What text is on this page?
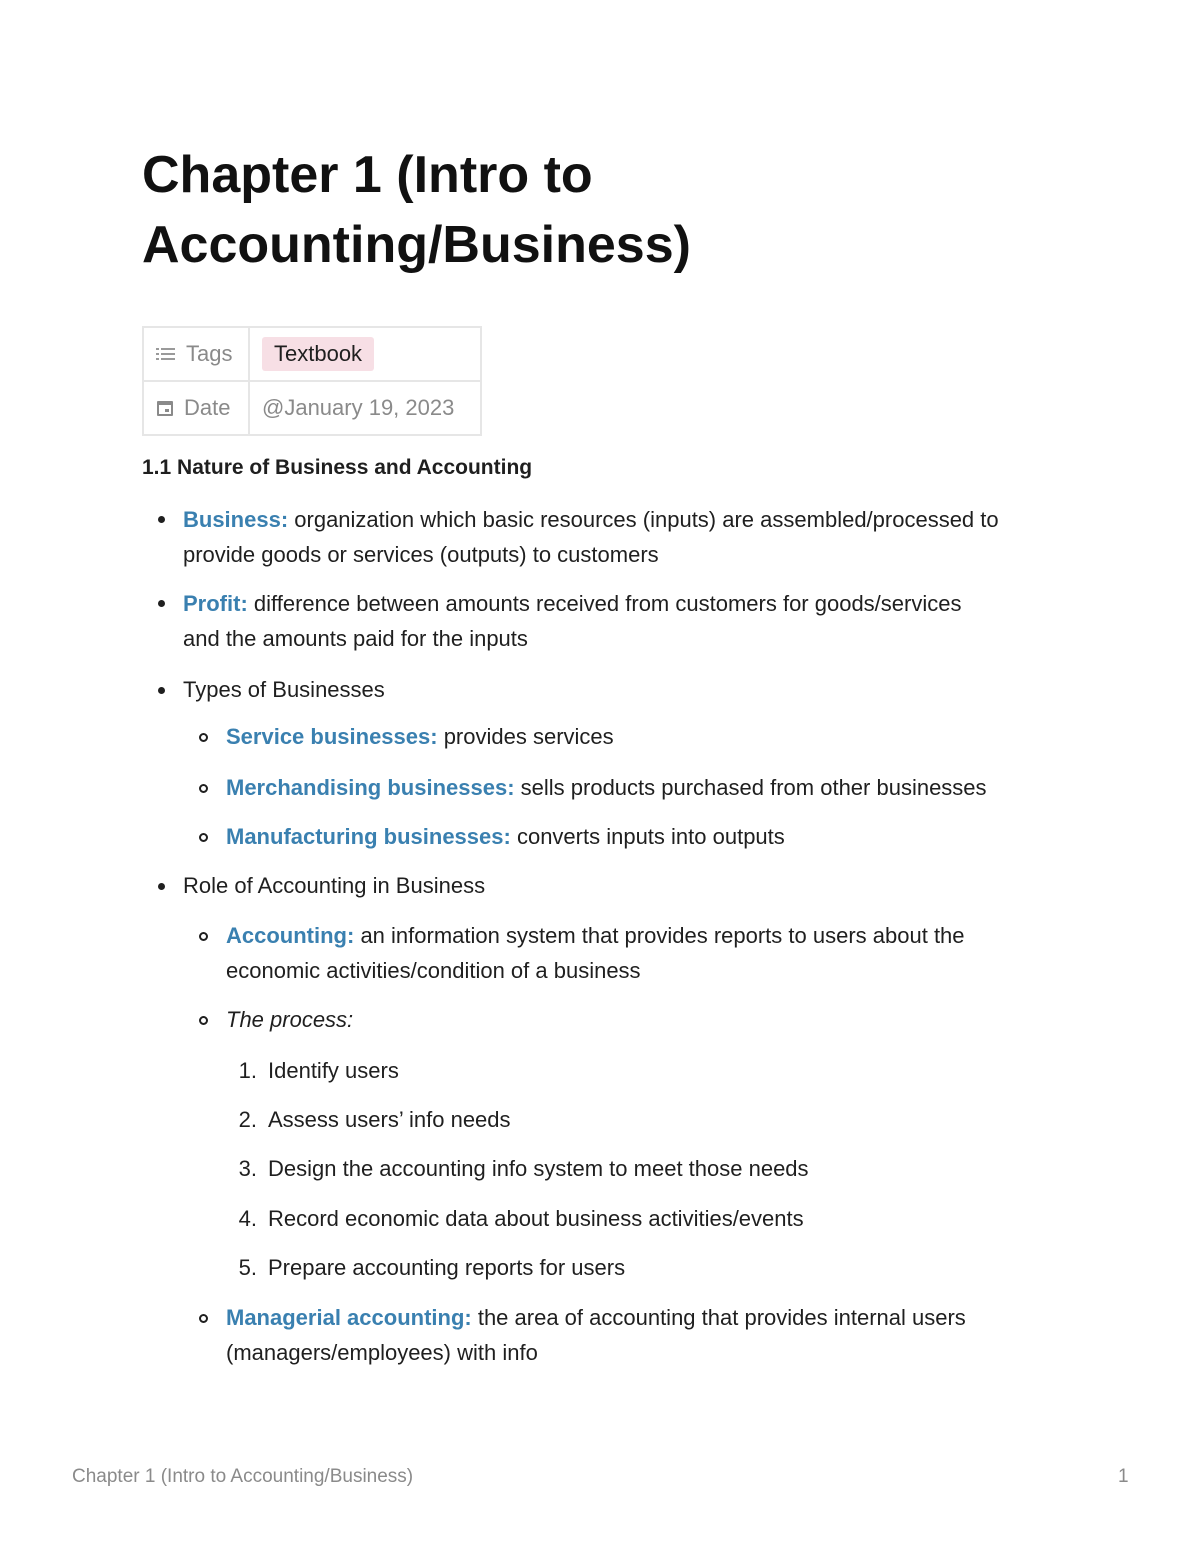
Chapter 1 (Intro to Accounting/Business)
Tags	Textbook

Date	@January 19, 2023
1.1 Nature of Business and Accounting
Business: organization which basic resources (inputs) are assembled/processed to
provide goods or services (outputs) to customers
Profit: difference between amounts received from customers for goods/services
and the amounts paid for the inputs
Types of Businesses
Service businesses: provides services
Merchandising businesses: sells products purchased from other businesses
Manufacturing businesses: converts inputs into outputs
Role of Accounting in Business
Accounting: an information system that provides reports to users about the
economic activities/condition of a business
The process:
1. Identify users
2. Assess users’ info needs
3. Design the accounting info system to meet those needs
4. Record economic data about business activities/events
5. Prepare accounting reports for users
Managerial accounting: the area of accounting that provides internal users
(managers/employees) with info
Chapter 1 (Intro to Accounting/Business)	1
